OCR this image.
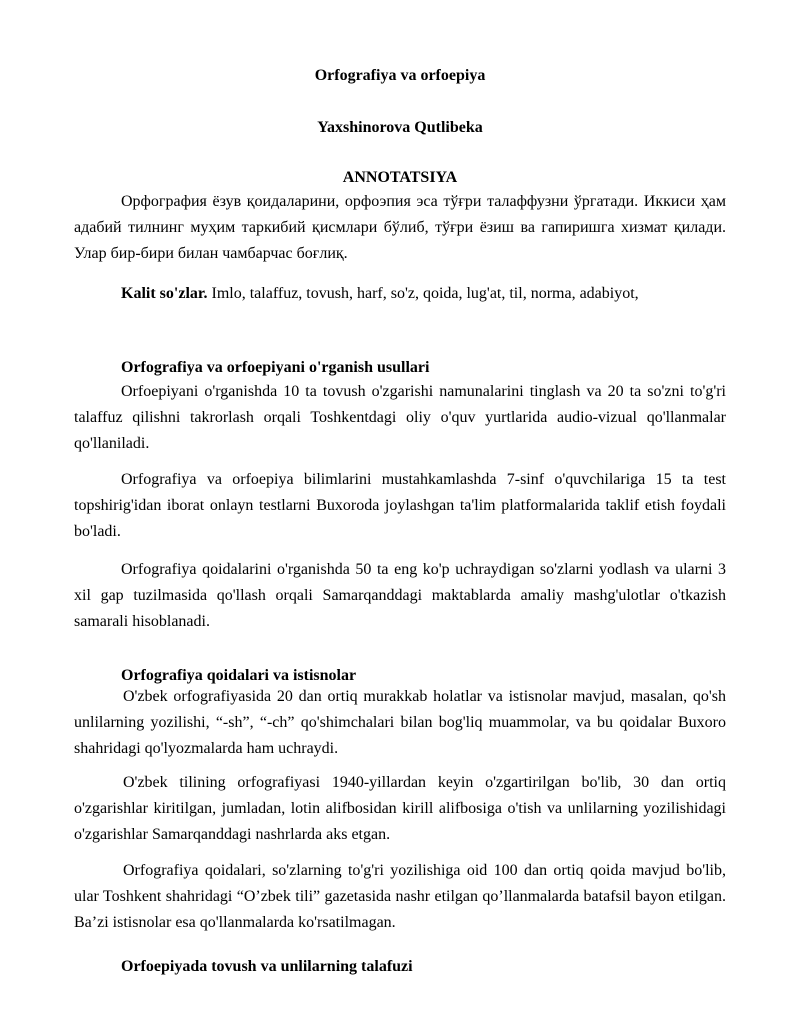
Orfografiya va orfoepiya
Yaxshinorova Qutlibeka
ANNOTATSIYA
Орфография ёзув қоидаларини, орфоэпия эса тўғри талаффузни ўргатади. Иккиси ҳам адабий тилнинг муҳим таркибий қисмлари бўлиб, тўғри ёзиш ва гапиришга хизмат қилади. Улар бир-бири билан чамбарчас боғлиқ.
Kalit so'zlar. Imlo, talaffuz, tovush, harf, so'z, qoida, lug'at, til, norma, adabiyot,
Orfografiya va orfoepiyani o'rganish usullari
Orfoepiyani o'rganishda 10 ta tovush o'zgarishi namunalarini tinglash va 20 ta so'zni to'g'ri talaffuz qilishni takrorlash orqali Toshkentdagi oliy o'quv yurtlarida audio-vizual qo'llanmalar qo'llaniladi.
Orfografiya va orfoepiya bilimlarini mustahkamlashda 7-sinf o'quvchilariga 15 ta test topshirig'idan iborat onlayn testlarni Buxoroda joylashgan ta'lim platformalarida taklif etish foydali bo'ladi.
Orfografiya qoidalarini o'rganishda 50 ta eng ko'p uchraydigan so'zlarni yodlash va ularni 3 xil gap tuzilmasida qo'llash orqali Samarqanddagi maktablarda amaliy mashg'ulotlar o'tkazish samarali hisoblanadi.
Orfografiya qoidalari va istisnolar
O'zbek orfografiyasida 20 dan ortiq murakkab holatlar va istisnolar mavjud, masalan, qo'sh unlilarning yozilishi, “-sh”, “-ch” qo'shimchalari bilan bog'liq muammolar, va bu qoidalar Buxoro shahridagi qo'lyozmalarda ham uchraydi.
O'zbek tilining orfografiyasi 1940-yillardan keyin o'zgartirilgan bo'lib, 30 dan ortiq o'zgarishlar kiritilgan, jumladan, lotin alifbosidan kirill alifbosiga o'tish va unlilarning yozilishidagi o'zgarishlar Samarqanddagi nashrlarda aks etgan.
Orfografiya qoidalari, so'zlarning to'g'ri yozilishiga oid 100 dan ortiq qoida mavjud bo'lib, ular Toshkent shahridagi “O’zbek tili” gazetasida nashr etilgan qo’llanmalarda batafsil bayon etilgan. Ba’zi istisnolar esa qo'llanmalarda ko'rsatilmagan.
Orfoepiyada tovush va unlilarning talafuzi
